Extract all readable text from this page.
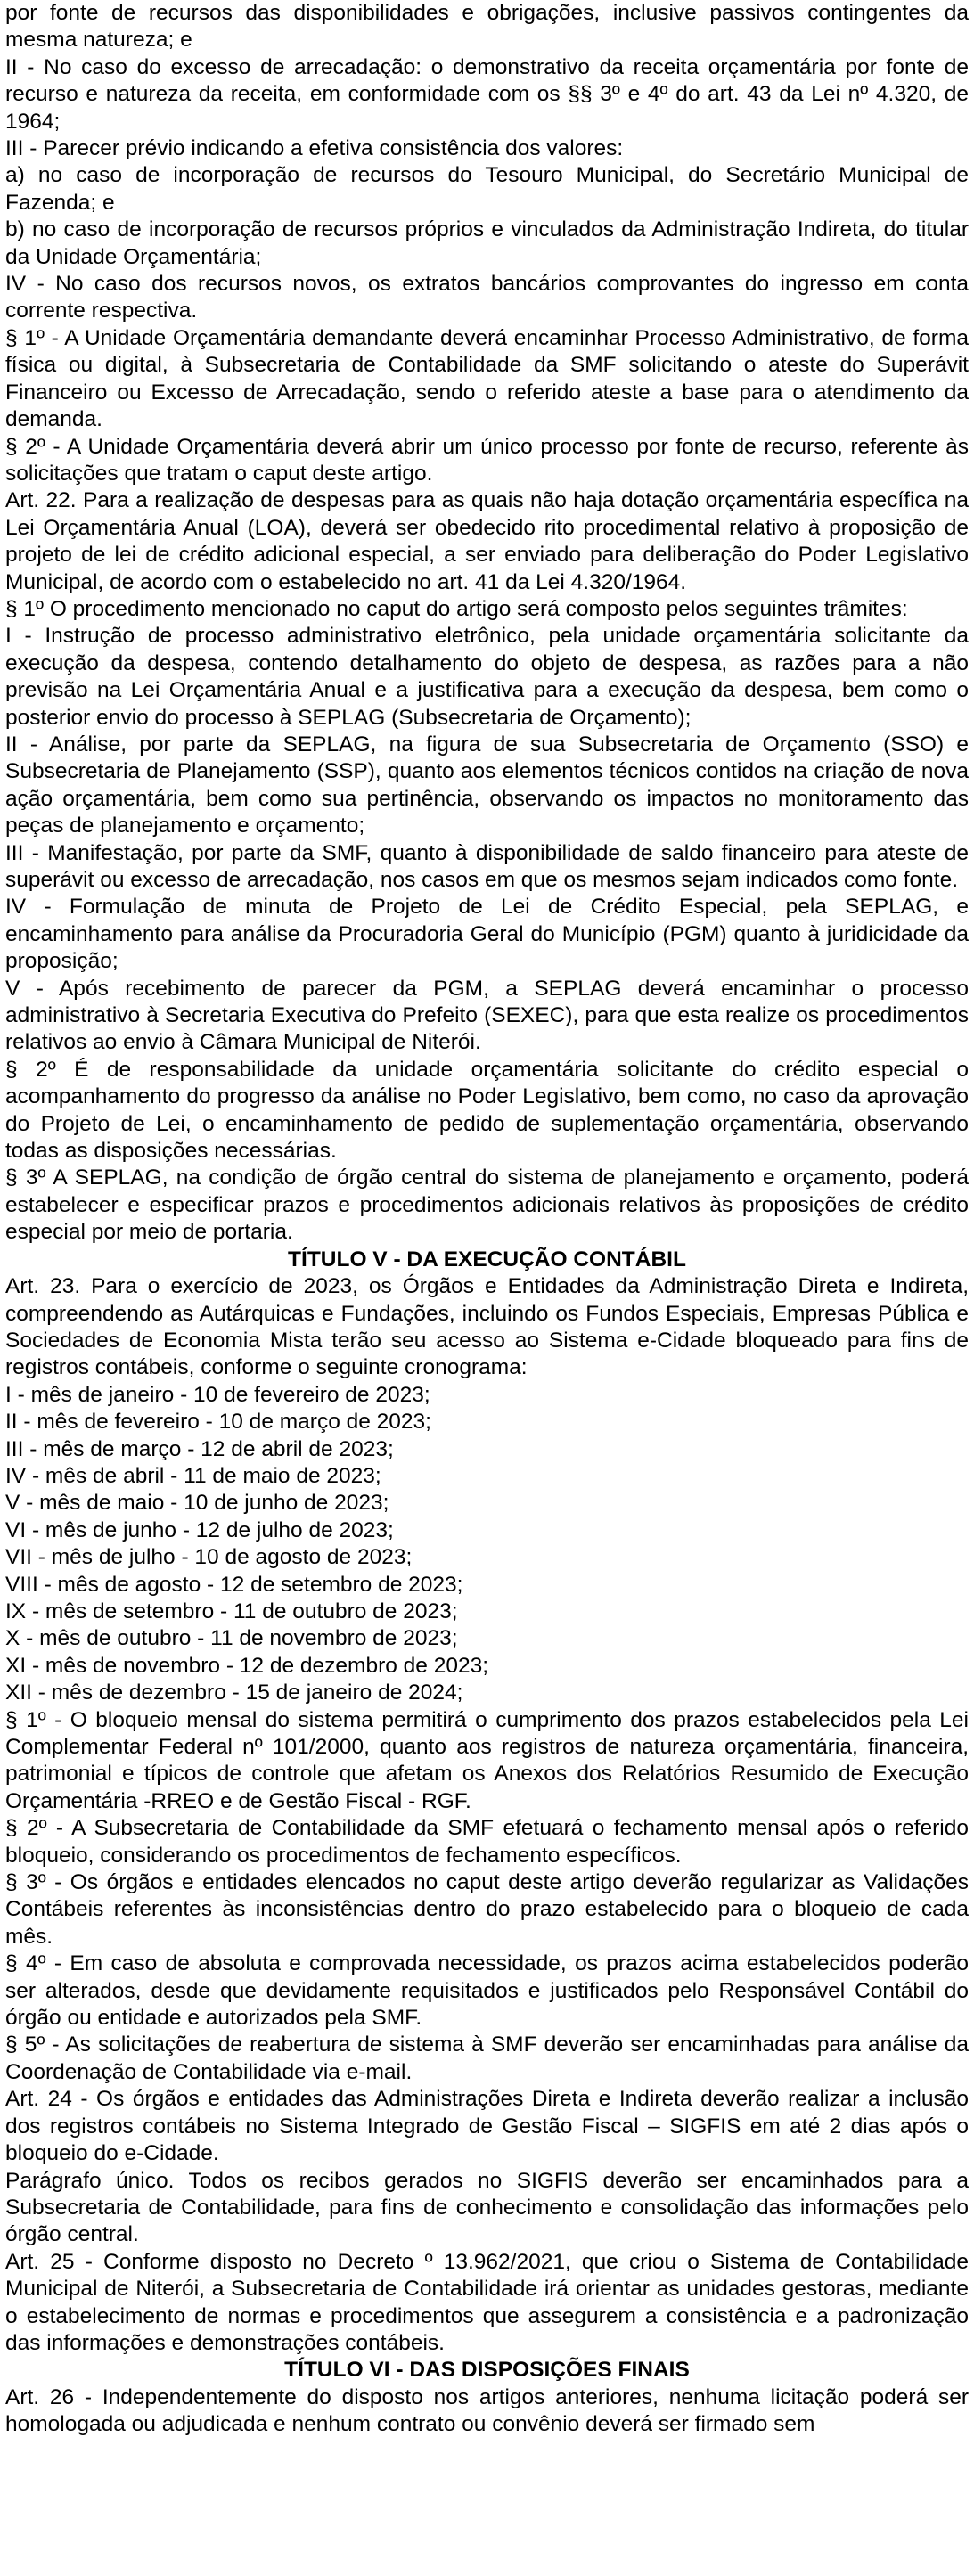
por fonte de recursos das disponibilidades e obrigações, inclusive passivos contingentes da mesma natureza; e

II - No caso do excesso de arrecadação: o demonstrativo da receita orçamentária por fonte de recurso e natureza da receita, em conformidade com os §§ 3º e 4º do art. 43 da Lei nº 4.320, de 1964;

III - Parecer prévio indicando a efetiva consistência dos valores:

a) no caso de incorporação de recursos do Tesouro Municipal, do Secretário Municipal de Fazenda; e

b) no caso de incorporação de recursos próprios e vinculados da Administração Indireta, do titular da Unidade Orçamentária;

IV - No caso dos recursos novos, os extratos bancários comprovantes do ingresso em conta corrente respectiva.

§ 1º - A Unidade Orçamentária demandante deverá encaminhar Processo Administrativo, de forma física ou digital, à Subsecretaria de Contabilidade da SMF solicitando o ateste do Superávit Financeiro ou Excesso de Arrecadação, sendo o referido ateste a base para o atendimento da demanda.

§ 2º - A Unidade Orçamentária deverá abrir um único processo por fonte de recurso, referente às solicitações que tratam o caput deste artigo.

Art. 22. Para a realização de despesas para as quais não haja dotação orçamentária específica na Lei Orçamentária Anual (LOA), deverá ser obedecido rito procedimental relativo à proposição de projeto de lei de crédito adicional especial, a ser enviado para deliberação do Poder Legislativo Municipal, de acordo com o estabelecido no art. 41 da Lei 4.320/1964.

§ 1º O procedimento mencionado no caput do artigo será composto pelos seguintes trâmites:

I - Instrução de processo administrativo eletrônico, pela unidade orçamentária solicitante da execução da despesa, contendo detalhamento do objeto de despesa, as razões para a não previsão na Lei Orçamentária Anual e a justificativa para a execução da despesa, bem como o posterior envio do processo à SEPLAG (Subsecretaria de Orçamento);

II - Análise, por parte da SEPLAG, na figura de sua Subsecretaria de Orçamento (SSO) e Subsecretaria de Planejamento (SSP), quanto aos elementos técnicos contidos na criação de nova ação orçamentária, bem como sua pertinência, observando os impactos no monitoramento das peças de planejamento e orçamento;

III - Manifestação, por parte da SMF, quanto à disponibilidade de saldo financeiro para ateste de superávit ou excesso de arrecadação, nos casos em que os mesmos sejam indicados como fonte.

IV - Formulação de minuta de Projeto de Lei de Crédito Especial, pela SEPLAG, e encaminhamento para análise da Procuradoria Geral do Município (PGM) quanto à juridicidade da proposição;

V - Após recebimento de parecer da PGM, a SEPLAG deverá encaminhar o processo administrativo à Secretaria Executiva do Prefeito (SEXEC), para que esta realize os procedimentos relativos ao envio à Câmara Municipal de Niterói.

§ 2º É de responsabilidade da unidade orçamentária solicitante do crédito especial o acompanhamento do progresso da análise no Poder Legislativo, bem como, no caso da aprovação do Projeto de Lei, o encaminhamento de pedido de suplementação orçamentária, observando todas as disposições necessárias.

§ 3º A SEPLAG, na condição de órgão central do sistema de planejamento e orçamento, poderá estabelecer e especificar prazos e procedimentos adicionais relativos às proposições de crédito especial por meio de portaria.

TÍTULO V - DA EXECUÇÃO CONTÁBIL

Art. 23. Para o exercício de 2023, os Órgãos e Entidades da Administração Direta e Indireta, compreendendo as Autárquicas e Fundações, incluindo os Fundos Especiais, Empresas Pública e Sociedades de Economia Mista terão seu acesso ao Sistema e-Cidade bloqueado para fins de registros contábeis, conforme o seguinte cronograma:

I - mês de janeiro - 10 de fevereiro de 2023;

II - mês de fevereiro - 10 de março de 2023;

III - mês de março - 12 de abril de 2023;

IV - mês de abril - 11 de maio de 2023;

V - mês de maio - 10 de junho de 2023;

VI - mês de junho - 12 de julho de 2023;

VII - mês de julho - 10 de agosto de 2023;

VIII - mês de agosto - 12 de setembro de 2023;

IX - mês de setembro - 11 de outubro de 2023;

X - mês de outubro - 11 de novembro de 2023;

XI - mês de novembro - 12 de dezembro de 2023;

XII - mês de dezembro - 15 de janeiro de 2024;

§ 1º - O bloqueio mensal do sistema permitirá o cumprimento dos prazos estabelecidos pela Lei Complementar Federal nº 101/2000, quanto aos registros de natureza orçamentária, financeira, patrimonial e típicos de controle que afetam os Anexos dos Relatórios Resumido de Execução Orçamentária -RREO e de Gestão Fiscal - RGF.

§ 2º - A Subsecretaria de Contabilidade da SMF efetuará o fechamento mensal após o referido bloqueio, considerando os procedimentos de fechamento específicos.

§ 3º - Os órgãos e entidades elencados no caput deste artigo deverão regularizar as Validações Contábeis referentes às inconsistências dentro do prazo estabelecido para o bloqueio de cada mês.

§ 4º - Em caso de absoluta e comprovada necessidade, os prazos acima estabelecidos poderão ser alterados, desde que devidamente requisitados e justificados pelo Responsável Contábil do órgão ou entidade e autorizados pela SMF.

§ 5º - As solicitações de reabertura de sistema à SMF deverão ser encaminhadas para análise da Coordenação de Contabilidade via e-mail.

Art. 24 - Os órgãos e entidades das Administrações Direta e Indireta deverão realizar a inclusão dos registros contábeis no Sistema Integrado de Gestão Fiscal – SIGFIS em até 2 dias após o bloqueio do e-Cidade.

Parágrafo único. Todos os recibos gerados no SIGFIS deverão ser encaminhados para a Subsecretaria de Contabilidade, para fins de conhecimento e consolidação das informações pelo órgão central.

Art. 25 - Conforme disposto no Decreto º 13.962/2021, que criou o Sistema de Contabilidade Municipal de Niterói, a Subsecretaria de Contabilidade irá orientar as unidades gestoras, mediante o estabelecimento de normas e procedimentos que assegurem a consistência e a padronização das informações e demonstrações contábeis.

TÍTULO VI - DAS DISPOSIÇÕES FINAIS

Art. 26 - Independentemente do disposto nos artigos anteriores, nenhuma licitação poderá ser homologada ou adjudicada e nenhum contrato ou convênio deverá ser firmado sem
